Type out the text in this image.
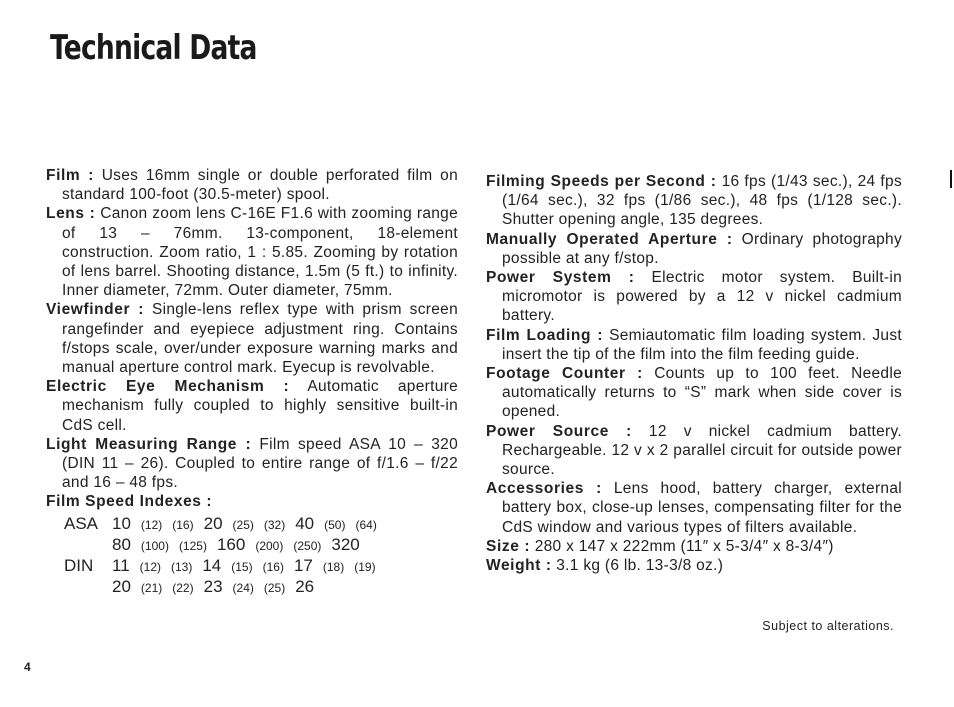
Technical Data

Film : Uses 16mm single or double perforated film on standard 100-foot (30.5-meter) spool.

Lens : Canon zoom lens C-16E F1.6 with zooming range of 13 – 76mm. 13-component, 18-element construction. Zoom ratio, 1 : 5.85. Zooming by rotation of lens barrel. Shooting distance, 1.5m (5 ft.) to infinity. Inner diameter, 72mm. Outer diameter, 75mm.

Viewfinder : Single-lens reflex type with prism screen rangefinder and eyepiece adjustment ring. Contains f/stops scale, over/under exposure warning marks and manual aperture control mark. Eyecup is revolvable.

Electric Eye Mechanism : Automatic aperture mechanism fully coupled to highly sensitive built-in CdS cell.

Light Measuring Range : Film speed ASA 10 – 320 (DIN 11 – 26). Coupled to entire range of f/1.6 – f/22 and 16 – 48 fps.

Film Speed Indexes :

ASA 10 (12) (16) 20 (25) (32) 40 (50) (64)
80 (100) (125) 160 (200) (250) 320
DIN	11 (12) (13) 14 (15) (16) 17 (18) (19)
20 (21) (22) 23 (24) (25) 26

Filming Speeds per Second : 16 fps (1/43 sec.), 24 fps (1/64 sec.), 32 fps (1/86 sec.), 48 fps (1/128 sec.). Shutter opening angle, 135 degrees.

Manually Operated Aperture : Ordinary photography possible at any f/stop.

Power System : Electric motor system. Built-in micromotor is powered by a 12 v nickel cadmium battery.

Film Loading : Semiautomatic film loading system. Just insert the tip of the film into the film feeding guide.

Footage Counter : Counts up to 100 feet. Needle automatically returns to “S” mark when side cover is opened.

Power Source : 12 v nickel cadmium battery. Rechargeable. 12 v x 2 parallel circuit for outside power source.

Accessories : Lens hood, battery charger, external battery box, close-up lenses, compensating filter for the CdS window and various types of filters available.

Size : 280 x 147 x 222mm (11″ x 5-3/4″ x 8-3/4″)

Weight : 3.1 kg (6 lb. 13-3/8 oz.)

Subject to alterations.
4
